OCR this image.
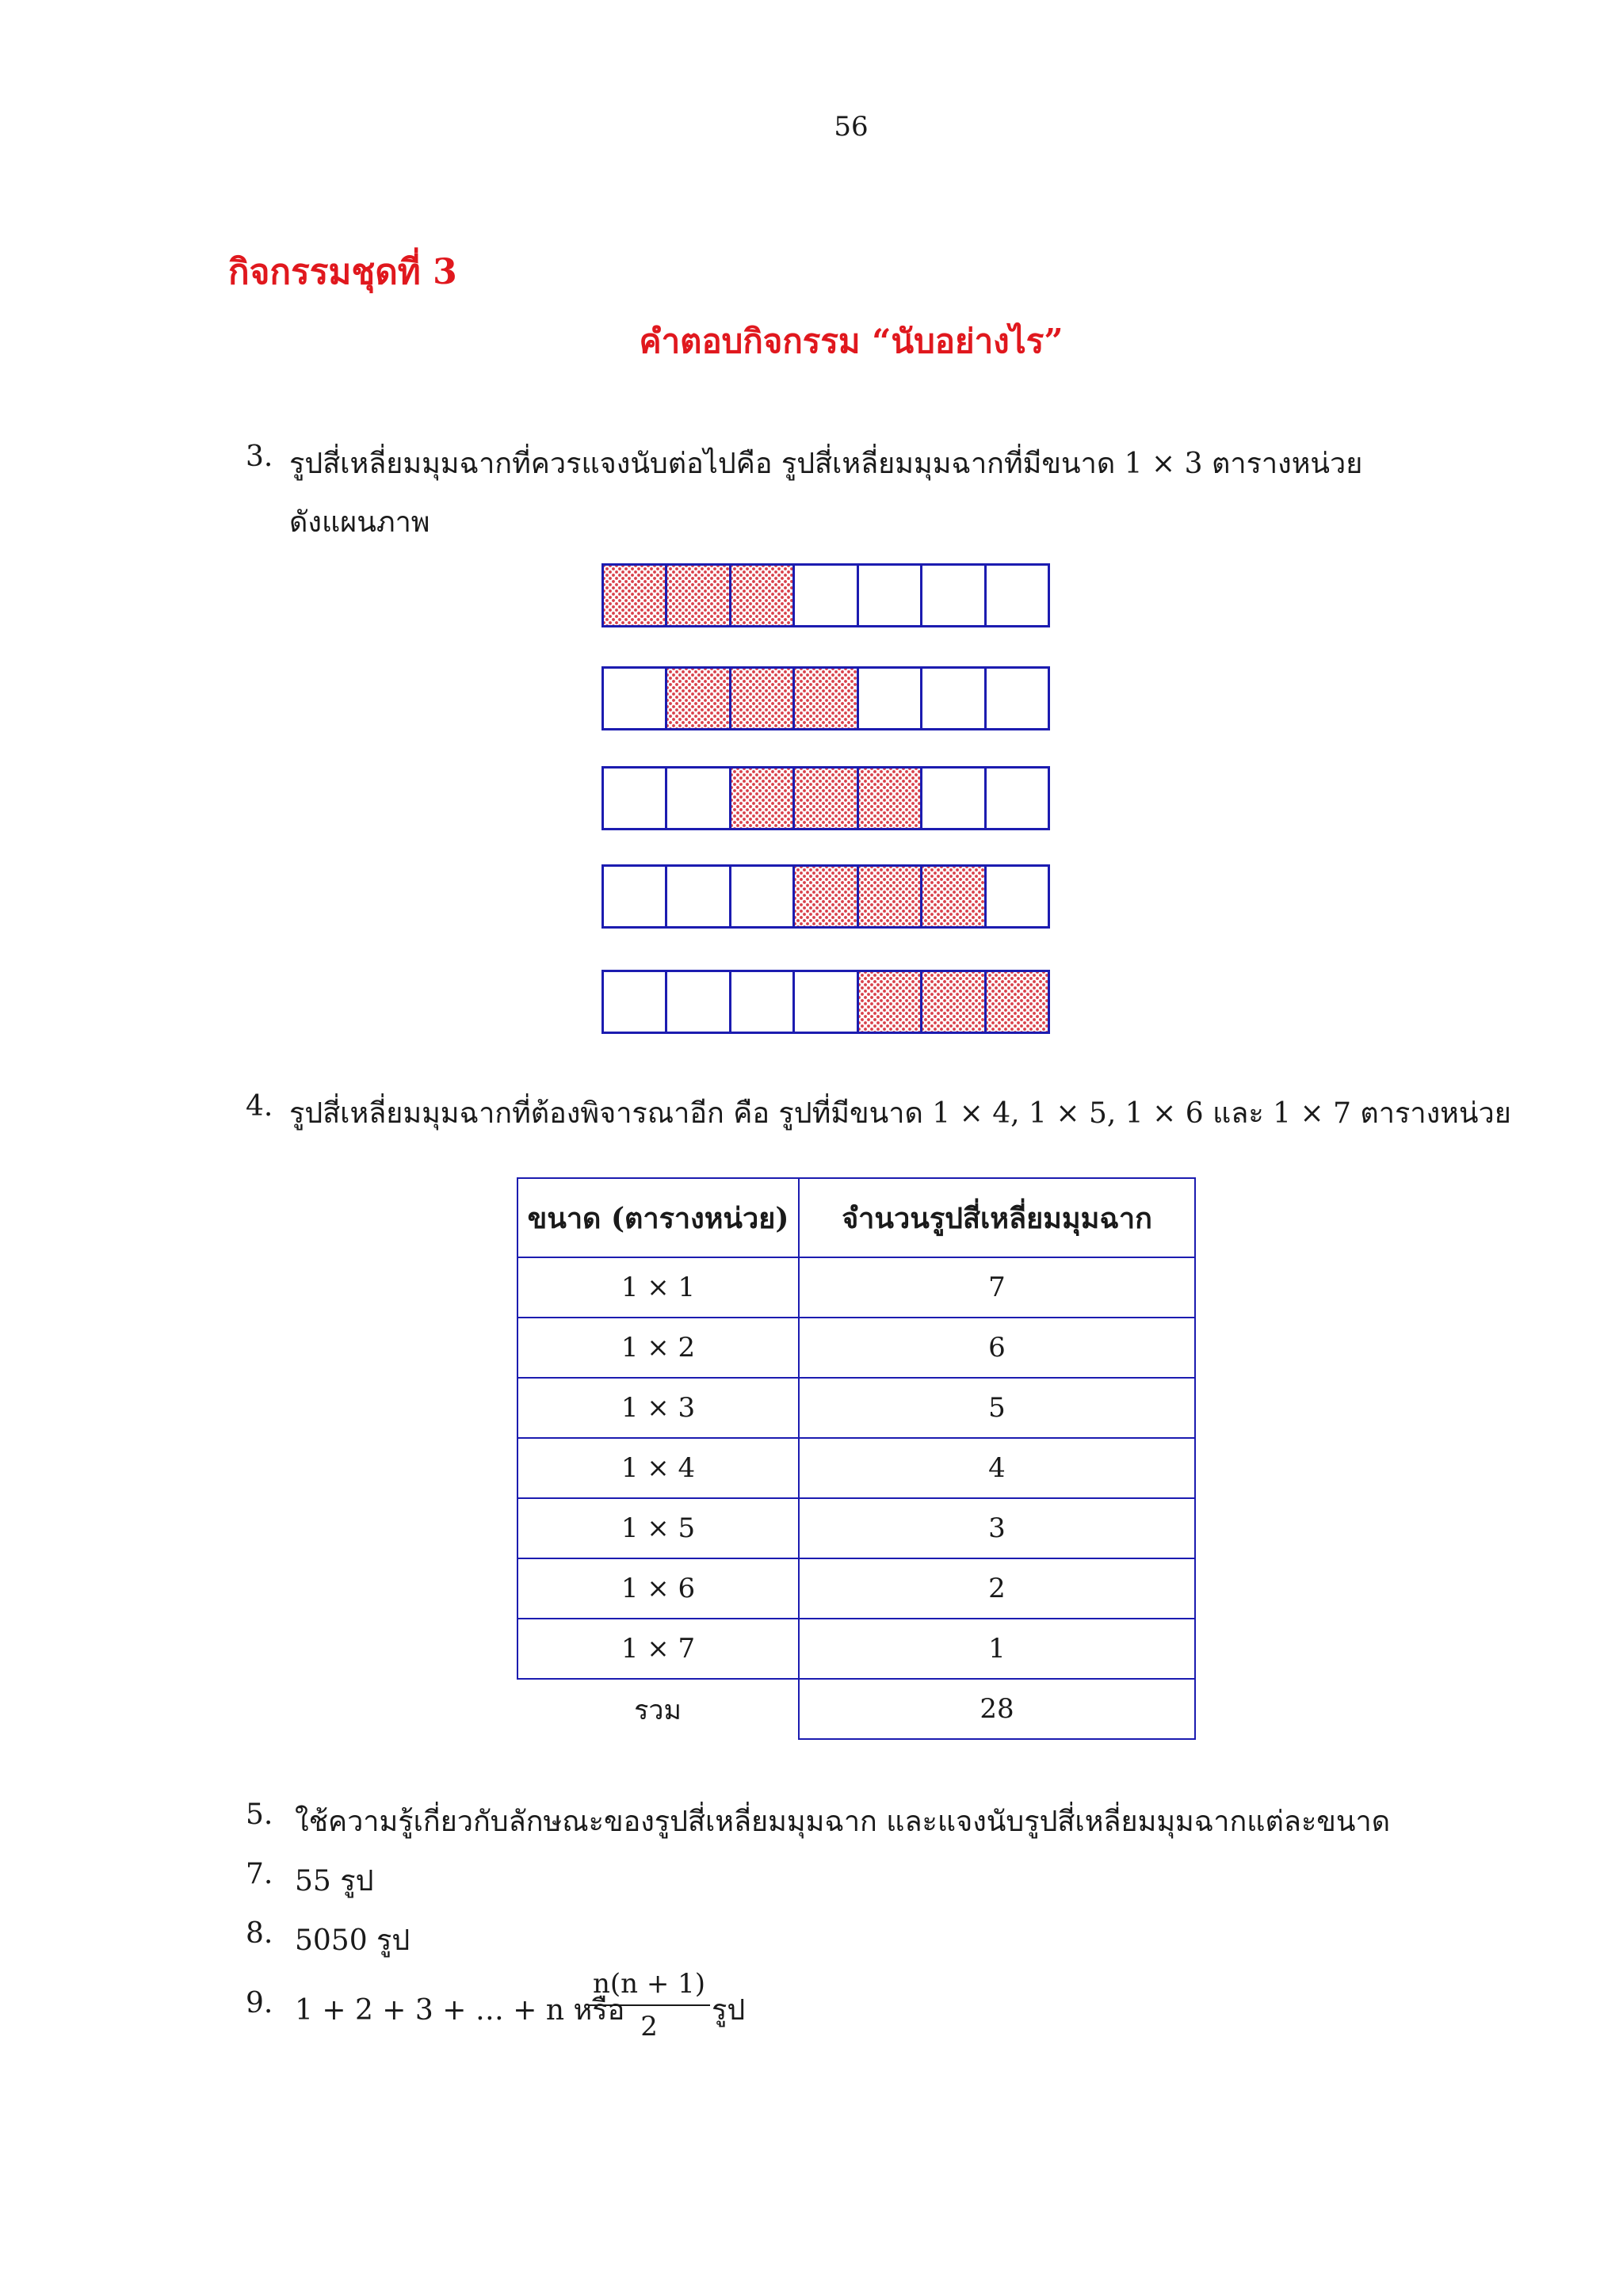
56
กิจกรรมชุดที่ 3
คำตอบกิจกรรม “นับอย่างไร”
3. รูปสี่เหลี่ยมมุมฉากที่ควรแจงนับต่อไปคือ รูปสี่เหลี่ยมมุมฉากที่มีขนาด 1 × 3 ตารางหน่วย
ดังแผนภาพ
4. รูปสี่เหลี่ยมมุมฉากที่ต้องพิจารณาอีก คือ รูปที่มีขนาด 1 × 4, 1 × 5, 1 × 6 และ 1 × 7 ตารางหน่วย
ขนาด (ตารางหน่วย)	จำนวนรูปสี่เหลี่ยมมุมฉาก
1 × 1	7
1 × 2	6
1 × 3	5
1 × 4	4
1 × 5	3
1 × 6	2
1 × 7	1
รวม	28
5. ใช้ความรู้เกี่ยวกับลักษณะของรูปสี่เหลี่ยมมุมฉาก และแจงนับรูปสี่เหลี่ยมมุมฉากแต่ละขนาด
7. 55 รูป
8. 5050 รูป
9. 1 + 2 + 3 + … + n หรือ
$\frac{n(n + 1)}{2}$ รูป
